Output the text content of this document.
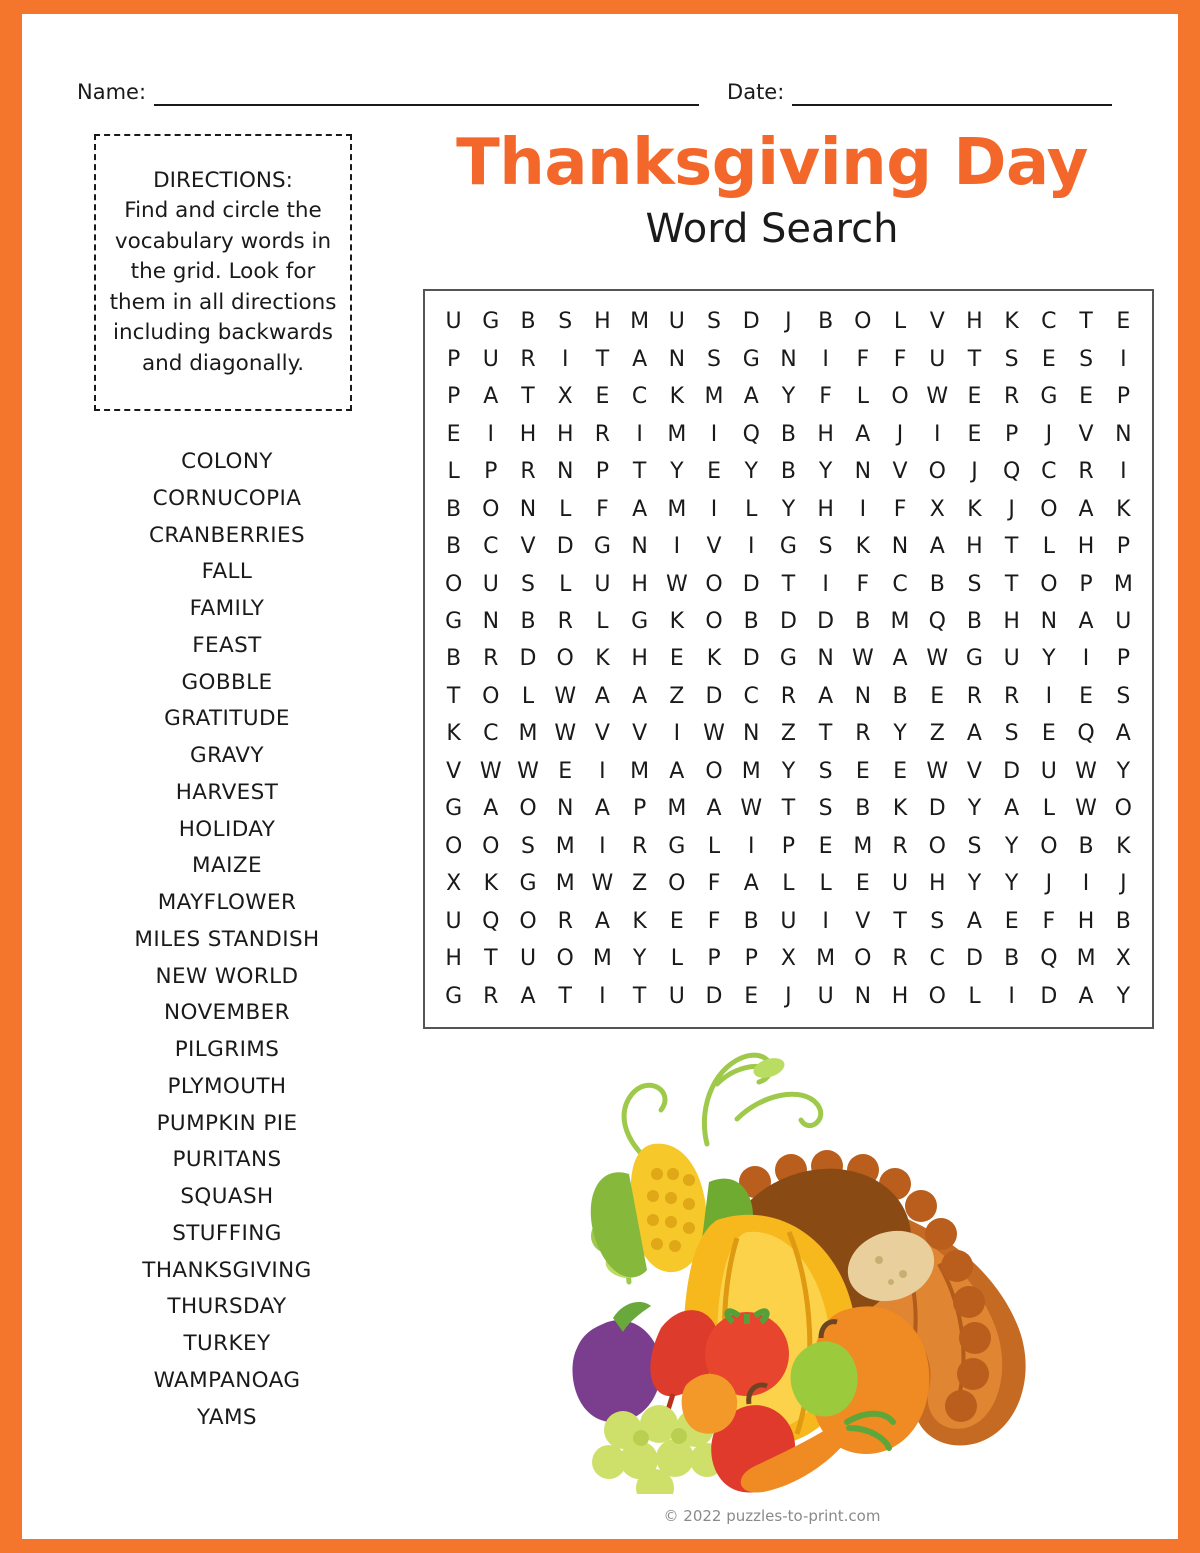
Name:	Date:

DIRECTIONS:
Find and circle the vocabulary words in the grid. Look for them in all directions including backwards and diagonally.

COLONY
CORNUCOPIA
CRANBERRIES
FALL
FAMILY
FEAST
GOBBLE
GRATITUDE
GRAVY
HARVEST
HOLIDAY
MAIZE
MAYFLOWER
MILES STANDISH
NEW WORLD
NOVEMBER
PILGRIMS
PLYMOUTH
PUMPKIN PIE
PURITANS
SQUASH
STUFFING
THANKSGIVING
THURSDAY
TURKEY
WAMPANOAG
YAMS
Thanksgiving Day
Word Search
U	G	B	S	H	M	U	S	D	J	B	O	L	V	H	K	C	T	E
P	U	R	I	T	A	N	S	G	N	I	F	F	U	T	S	E	S	I
P	A	T	X	E	C	K	M	A	Y	F	L	O	W	E	R	G	E	P
E	I	H	H	R	I	M	I	Q	B	H	A	J	I	E	P	J	V	N
L	P	R	N	P	T	Y	E	Y	B	Y	N	V	O	J	Q	C	R	I
B	O	N	L	F	A	M	I	L	Y	H	I	F	X	K	J	O	A	K
B	C	V	D	G	N	I	V	I	G	S	K	N	A	H	T	L	H	P
O	U	S	L	U	H	W	O	D	T	I	F	C	B	S	T	O	P	M
G	N	B	R	L	G	K	O	B	D	D	B	M	Q	B	H	N	A	U
B	R	D	O	K	H	E	K	D	G	N	W	A	W	G	U	Y	I	P
T	O	L	W	A	A	Z	D	C	R	A	N	B	E	R	R	I	E	S
K	C	M	W	V	V	I	W	N	Z	T	R	Y	Z	A	S	E	Q	A
V	W	W	E	I	M	A	O	M	Y	S	E	E	W	V	D	U	W	Y
G	A	O	N	A	P	M	A	W	T	S	B	K	D	Y	A	L	W	O
O	O	S	M	I	R	G	L	I	P	E	M	R	O	S	Y	O	B	K
X	K	G	M	W	Z	O	F	A	L	L	E	U	H	Y	Y	J	I	J
U	Q	O	R	A	K	E	F	B	U	I	V	T	S	A	E	F	H	B
H	T	U	O	M	Y	L	P	P	X	M	O	R	C	D	B	Q	M	X
G	R	A	T	I	T	U	D	E	J	U	N	H	O	L	I	D	A	Y
© 2022 puzzles-to-print.com
